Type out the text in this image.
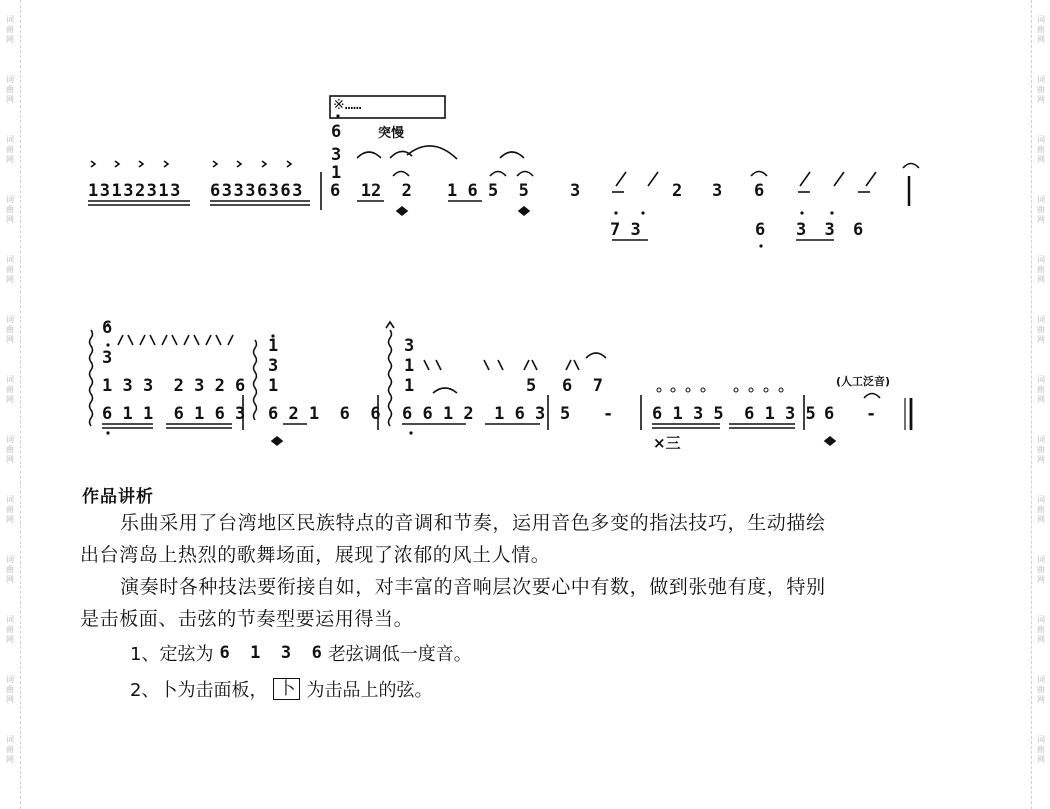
词
曲
网
词
曲
网
词
曲
网
词
曲
网
词
曲
网
词
曲
网
词
曲
网
词
曲
网
词
曲
网
词
曲
网
词
曲
网
词
曲
网
词
曲
网
词
曲
网
词
曲
网
词
曲
网
词
曲
网
词
曲
网
词
曲
网
词
曲
网
词
曲
网
词
曲
网
词
曲
网
词
曲
网
词
曲
网
词
曲
网
※……
突慢
6
3
1
13132313 63336363 6  12  2 1 6 5  5 3	2 3 6
7 3	6 3 3 6
6
3
1 3 3  2 3 2 6
6 1 1  6 1 6 3
1
3
1
6 2 1  6  6
3
1
1	5
6 6 1 2  1 6 3
6  7
5 - 6 1 3 5  6 1 3 5
×三
6 -
(人工泛音)
作品讲析
乐曲采用了台湾地区民族特点的音调和节奏，运用音色多变的指法技巧，生动描绘
出台湾岛上热烈的歌舞场面，展现了浓郁的风土人情。
演奏时各种技法要衔接自如，对丰富的音响层次要心中有数，做到张弛有度，特别
是击板面、击弦的节奏型要运用得当。
1、定弦为 6  1  3  6 老弦调低一度音。
2、卜为击面板， 卜 为击品上的弦。
